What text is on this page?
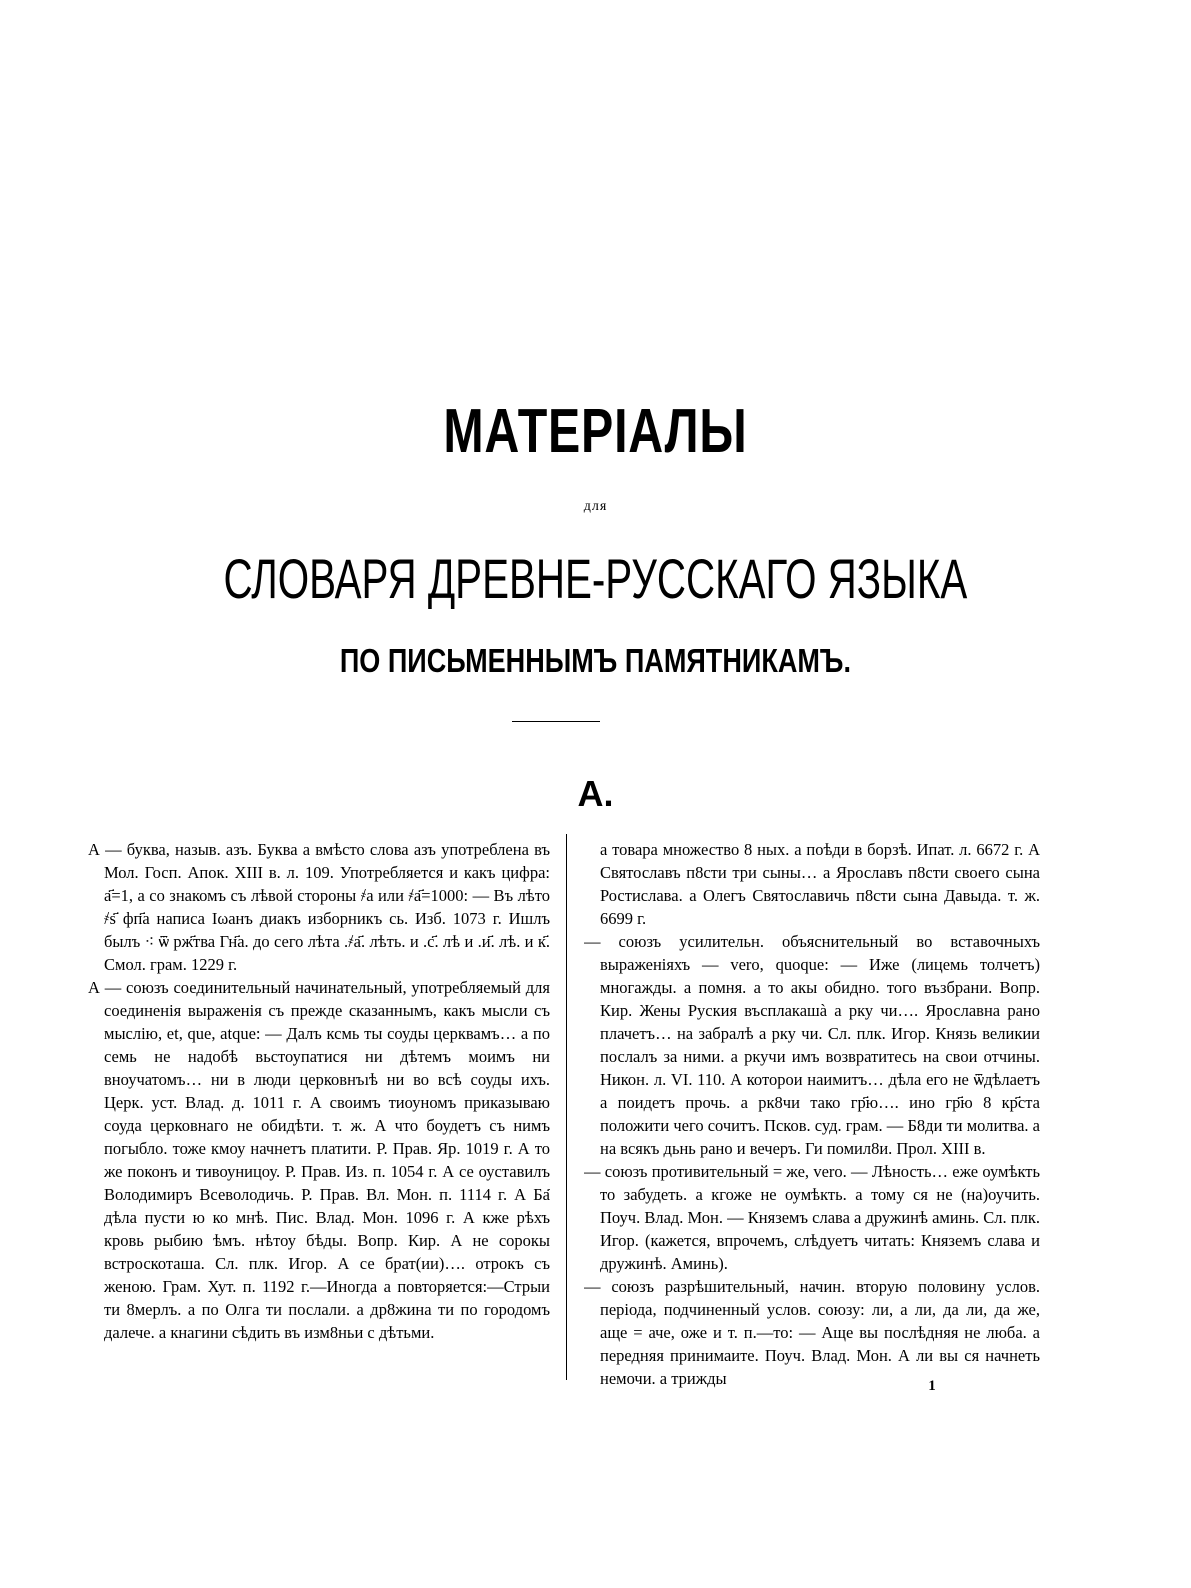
МАТЕРІАЛЫ
для
СЛОВАРЯ ДРЕВНЕ-РУССКАГО ЯЗЫКА
ПО ПИСЬМЕННЫМЪ ПАМЯТНИКАМЪ.
А.

А — буква, назыв. азъ. Буква а вмѣсто слова азъ употреблена въ Мол. Госп. Апок. XIII в. л. 109. Употребляется и какъ цифра: а҃=1, а со знакомъ съ лѣвой стороны ҂а или ҂а҃=1000: — Въ лѣто ҂ѕ҃ фп҃а написа Іωанъ диакъ изборникъ сь. Изб. 1073 г. Ишлъ былъ ⁖ ѿ рж҃тва Гн҃а. до сего лѣта .҂а҃. лѣть. и .с҃. лѣ и .и҃. лѣ. и к҃. Смол. грам. 1229 г.

А — союзъ соединительный начинательный, употребляемый для соединенія выраженія съ прежде сказаннымъ, какъ мысли съ мыслію, et, que, atque: — Далъ ксмь ты соуды церквамъ… а по семь не надобѣ вьстоупатися ни дѣтемъ моимъ ни вноучатомъ… ни в люди церковнъıѣ ни во всѣ соуды ихъ. Церк. уст. Влад. д. 1011 г. А своимъ тиоуномъ приказываю соуда церковнаго не обидѣти. т. ж. А что боудетъ съ нимъ погыбло. тоже кмоу начнетъ платити. Р. Прав. Яр. 1019 г. А то же поконъ и тивоуницоу. Р. Прав. Из. п. 1054 г. А се оуставилъ Володимиръ Всеволодичь. Р. Прав. Вл. Мон. п. 1114 г. А Ба҃ дѣла пусти ю ко мнѣ. Пис. Влад. Мон. 1096 г. А кже рѣхъ кровь рыбию ѣмъ. нѣтоу бѣды. Вопр. Кир. А не сорокы встроскоташа. Сл. плк. Игор. А се брат(ии)…. отрокъ съ женою. Грам. Хут. п. 1192 г.—Иногда а повторяется:—Стрыи ти 8мерлъ. а по Олга ти послали. а др8жина ти по городомъ далече. а кнагини сѣдить въ изм8ньи с дѣтьми.

а товара множество 8 ных. а поѣди в борзѣ. Ипат. л. 6672 г. А Святославъ п8сти три сыны… а Ярославъ п8сти своего сына Ростислава. а Олегъ Святославичь п8сти сына Давыда. т. ж. 6699 г.

— союзъ усилительн. объяснительный во вставочныхъ выраженіяхъ — vero, quoque: — Иже (лицемь толчетъ) многажды. а помня. а то акы обидно. того възбрани. Вопр. Кир. Жены Руския въсплакашà а рку чи…. Ярославна рано плачетъ… на забралѣ а рку чи. Сл. плк. Игор. Князь великии послалъ за ними. а ркучи имъ возвратитесь на свои отчины. Никон. л. VI. 110. А которои наимитъ… дѣла его не ѿдѣлаетъ а поидетъ прочь. а рк8чи тако гр҃ю…. ино гр҃ю 8 кр҃ста положити чего сочитъ. Псков. суд. грам. — Б8ди ти молитва. а на всякъ дьнь рано и вечеръ. Ги помил8и. Прол. XIII в.

— союзъ противительный = же, vero. — Лѣность… еже оумѣкть то забудеть. а кгоже не оумѣкть. а тому ся не (на)оучить. Поуч. Влад. Мон. — Княземъ слава а дружинѣ аминь. Сл. плк. Игор. (кажется, впрочемъ, слѣдуетъ читать: Княземъ слава и дружинѣ. Аминь).

— союзъ разрѣшительный, начин. вторую половину услов. періода, подчиненный услов. союзу: ли, а ли, да ли, да же, аще = аче, оже и т. п.—то: — Аще вы послѣдняя не люба. а передняя принимаите. Поуч. Влад. Мон. А ли вы ся начнеть немочи. а трижды	1
